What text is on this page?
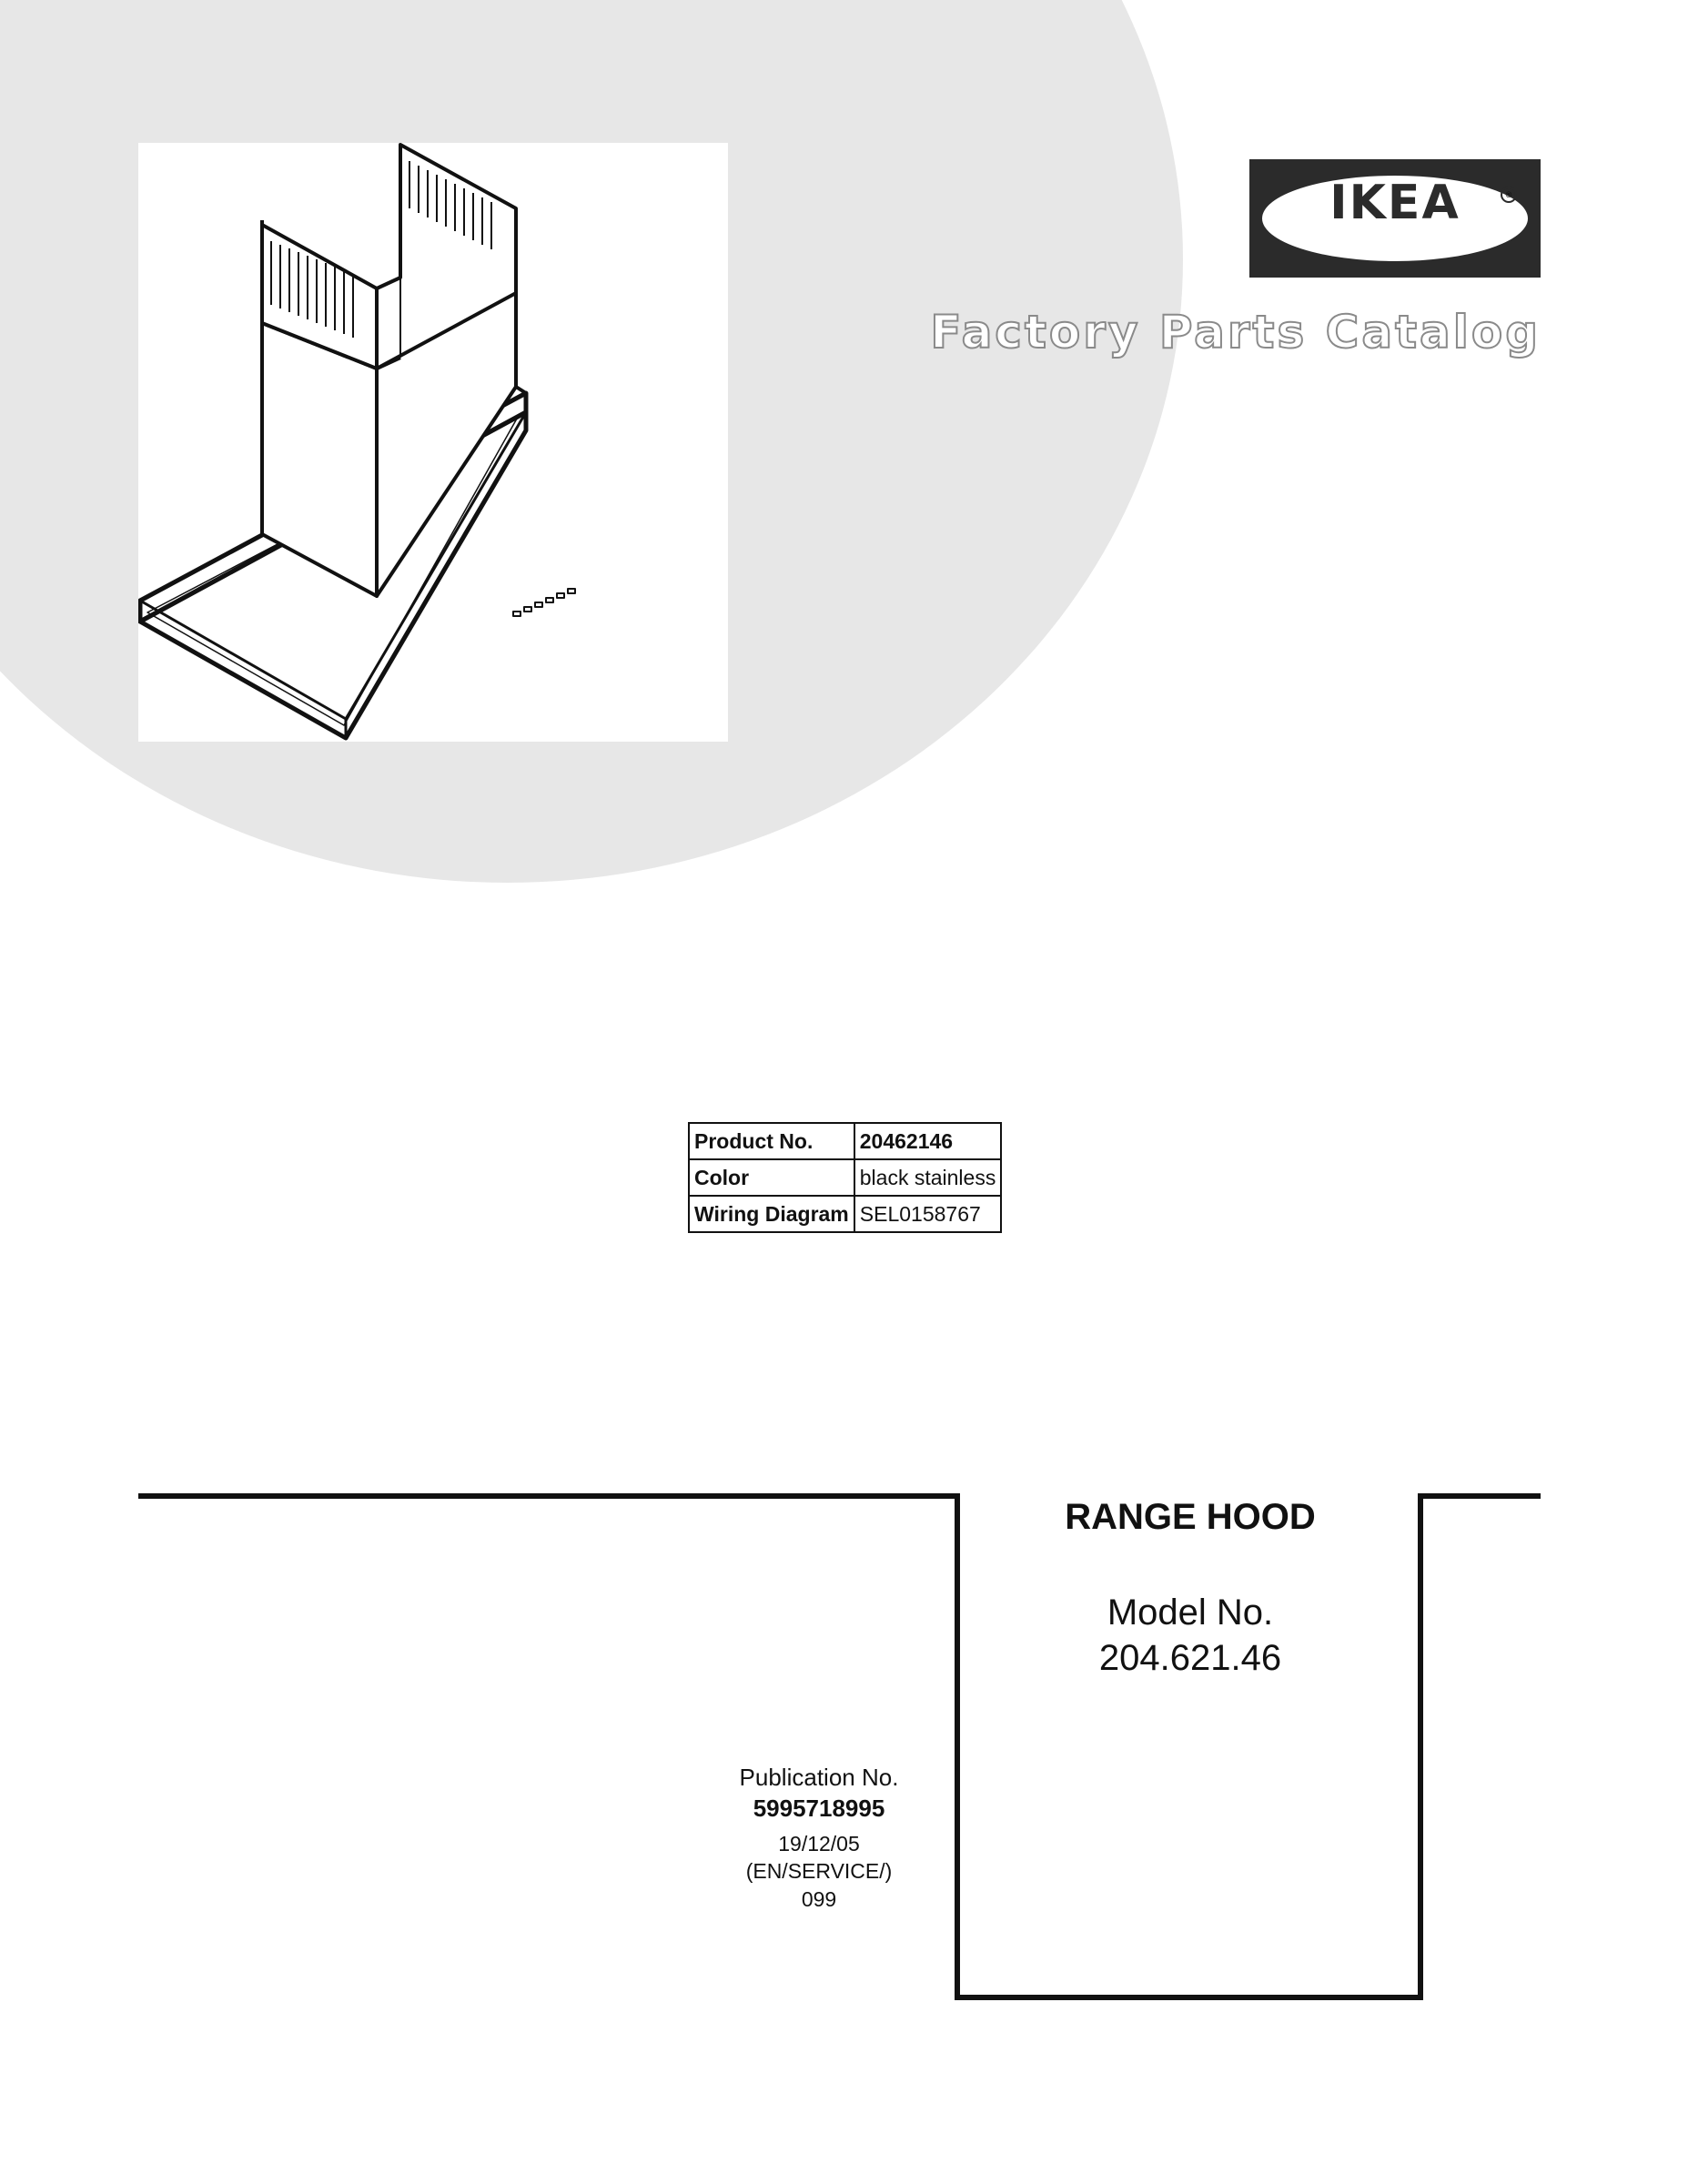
IKEA	®
Factory Parts Catalog
Product No.	20462146
Color	black stainless
Wiring Diagram	SEL0158767
RANGE HOOD
Model No.
204.621.46
Publication No.
5995718995
19/12/05
(EN/SERVICE/)
099
